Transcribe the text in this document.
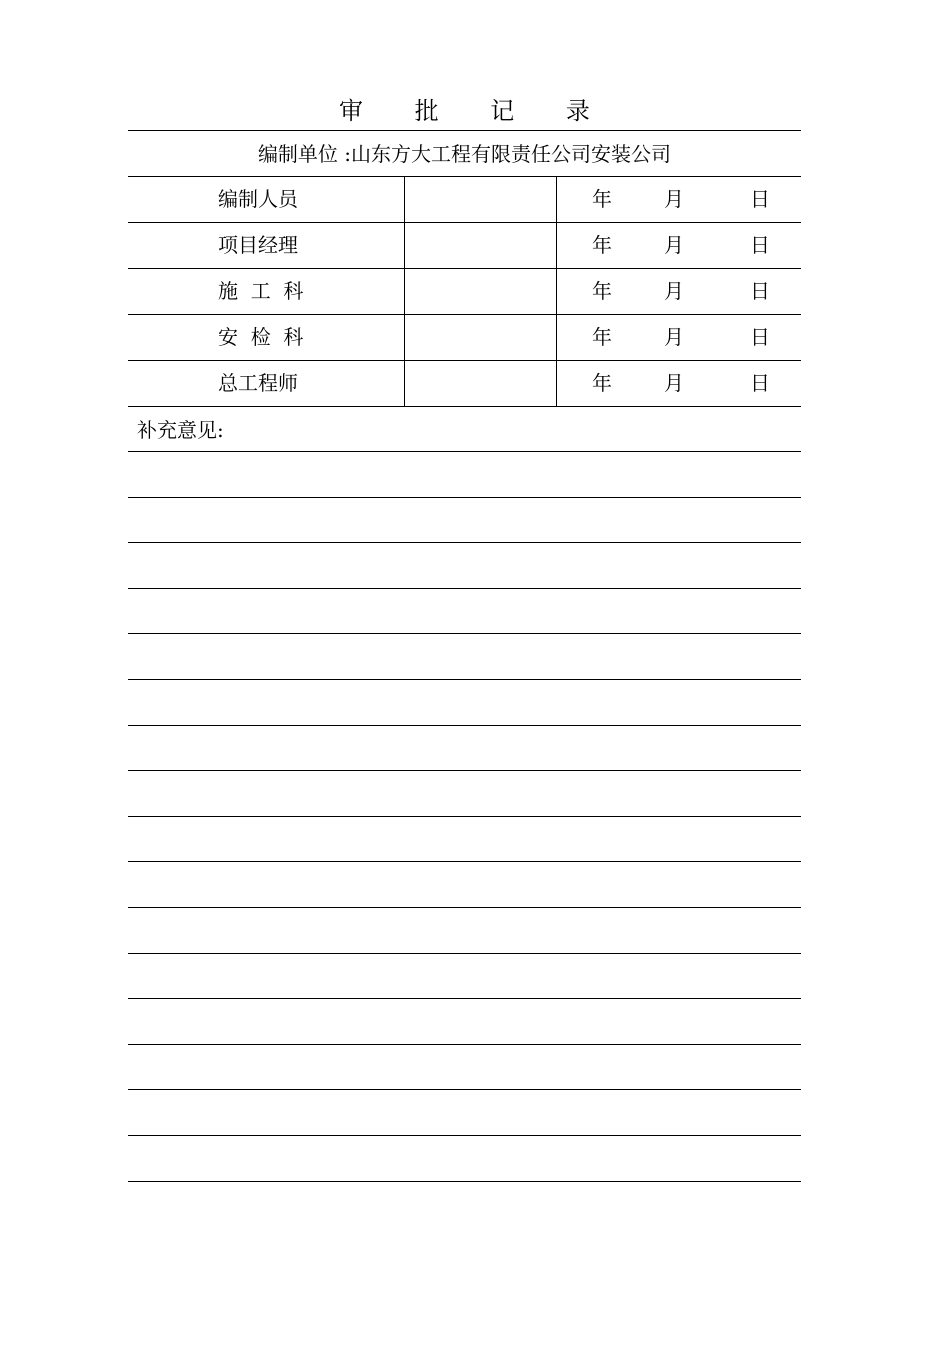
审 批 记 录
编制单位 :山东方大工程有限责任公司安装公司
编制人员	年	月	日
项目经理	年	月	日
施  工  科	年	月	日
安  检  科	年	月	日
总工程师	年	月	日
补充意见:
